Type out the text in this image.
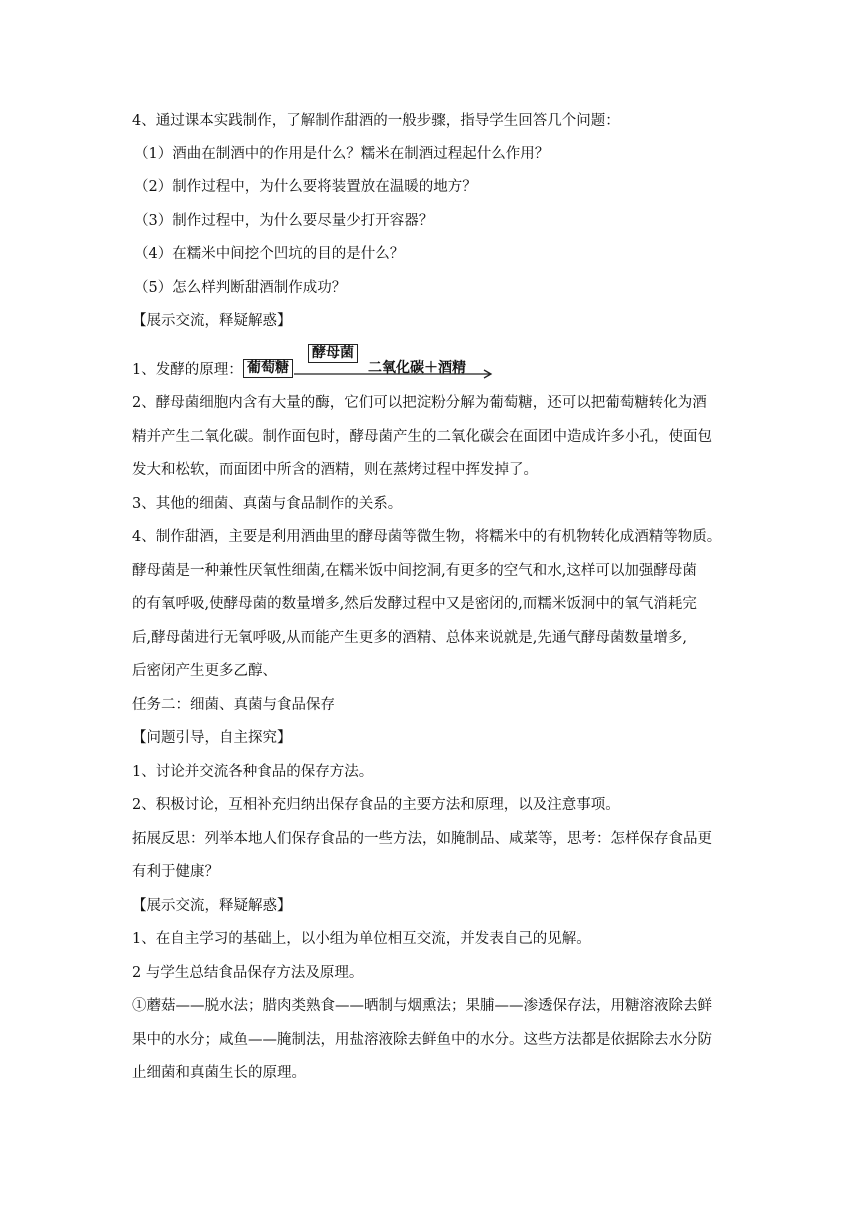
4、通过课本实践制作，了解制作甜酒的一般步骤，指导学生回答几个问题：

（1）酒曲在制酒中的作用是什么？糯米在制酒过程起什么作用？

（2）制作过程中，为什么要将装置放在温暖的地方？

（3）制作过程中，为什么要尽量少打开容器？

（4）在糯米中间挖个凹坑的目的是什么？

（5）怎么样判断甜酒制作成功？

【展示交流，释疑解惑】

1、发酵的原理： 葡萄糖
酵母菌
二氧化碳＋酒精

2、酵母菌细胞内含有大量的酶，它们可以把淀粉分解为葡萄糖，还可以把葡萄糖转化为酒

精并产生二氧化碳。制作面包时，酵母菌产生的二氧化碳会在面团中造成许多小孔，使面包

发大和松软，而面团中所含的酒精，则在蒸烤过程中挥发掉了。

3、其他的细菌、真菌与食品制作的关系。

4、制作甜酒，主要是利用酒曲里的酵母菌等微生物，将糯米中的有机物转化成酒精等物质。

酵母菌是一种兼性厌氧性细菌,在糯米饭中间挖洞,有更多的空气和水,这样可以加强酵母菌

的有氧呼吸,使酵母菌的数量增多,然后发酵过程中又是密闭的,而糯米饭洞中的氧气消耗完

后,酵母菌进行无氧呼吸,从而能产生更多的酒精、总体来说就是,先通气酵母菌数量增多,

后密闭产生更多乙醇、

任务二：细菌、真菌与食品保存

【问题引导，自主探究】

1、讨论并交流各种食品的保存方法。

2、积极讨论，互相补充归纳出保存食品的主要方法和原理，以及注意事项。

拓展反思：列举本地人们保存食品的一些方法，如腌制品、咸菜等，思考：怎样保存食品更

有利于健康？

【展示交流，释疑解惑】

1、在自主学习的基础上，以小组为单位相互交流，并发表自己的见解。

2 与学生总结食品保存方法及原理。

①蘑菇——脱水法；腊肉类熟食——晒制与烟熏法；果脯——渗透保存法，用糖溶液除去鲜

果中的水分；咸鱼——腌制法，用盐溶液除去鲜鱼中的水分。这些方法都是依据除去水分防

止细菌和真菌生长的原理。
